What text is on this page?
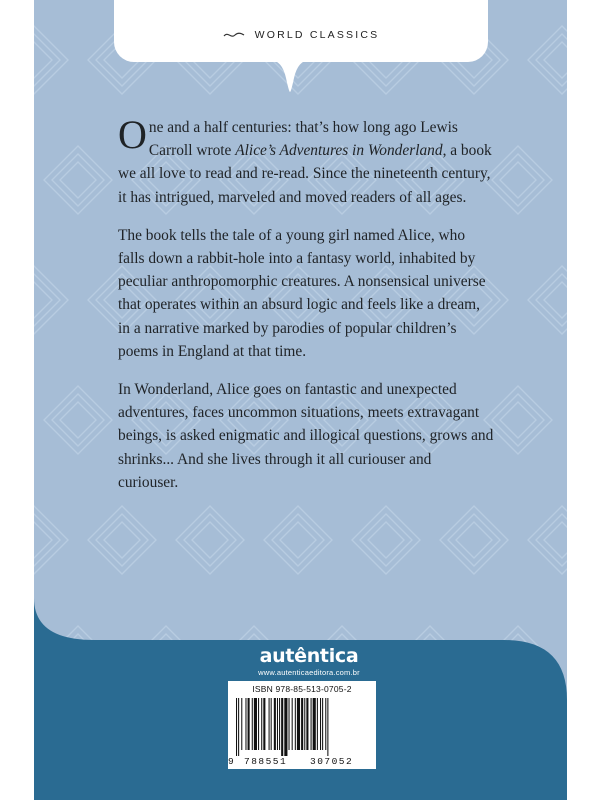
WORLD CLASSICS

One and a half centuries: that’s how long ago Lewis Carroll wrote Alice’s Adventures in Wonderland, a book we all love to read and re-read. Since the nineteenth century, it has intrigued, marveled and moved readers of all ages.

The book tells the tale of a young girl named Alice, who falls down a rabbit-hole into a fantasy world, inhabited by peculiar anthropomorphic creatures. A nonsensical universe that operates within an absurd logic and feels like a dream, in a narrative marked by parodies of popular children’s poems in England at that time.

In Wonderland, Alice goes on fantastic and unexpected adventures, faces uncommon situations, meets extravagant beings, is asked enigmatic and illogical questions, grows and shrinks... And she lives through it all curiouser and curiouser.

autêntica
www.autenticaeditora.com.br
ISBN 978-85-513-0705-2
9 788551 307052
